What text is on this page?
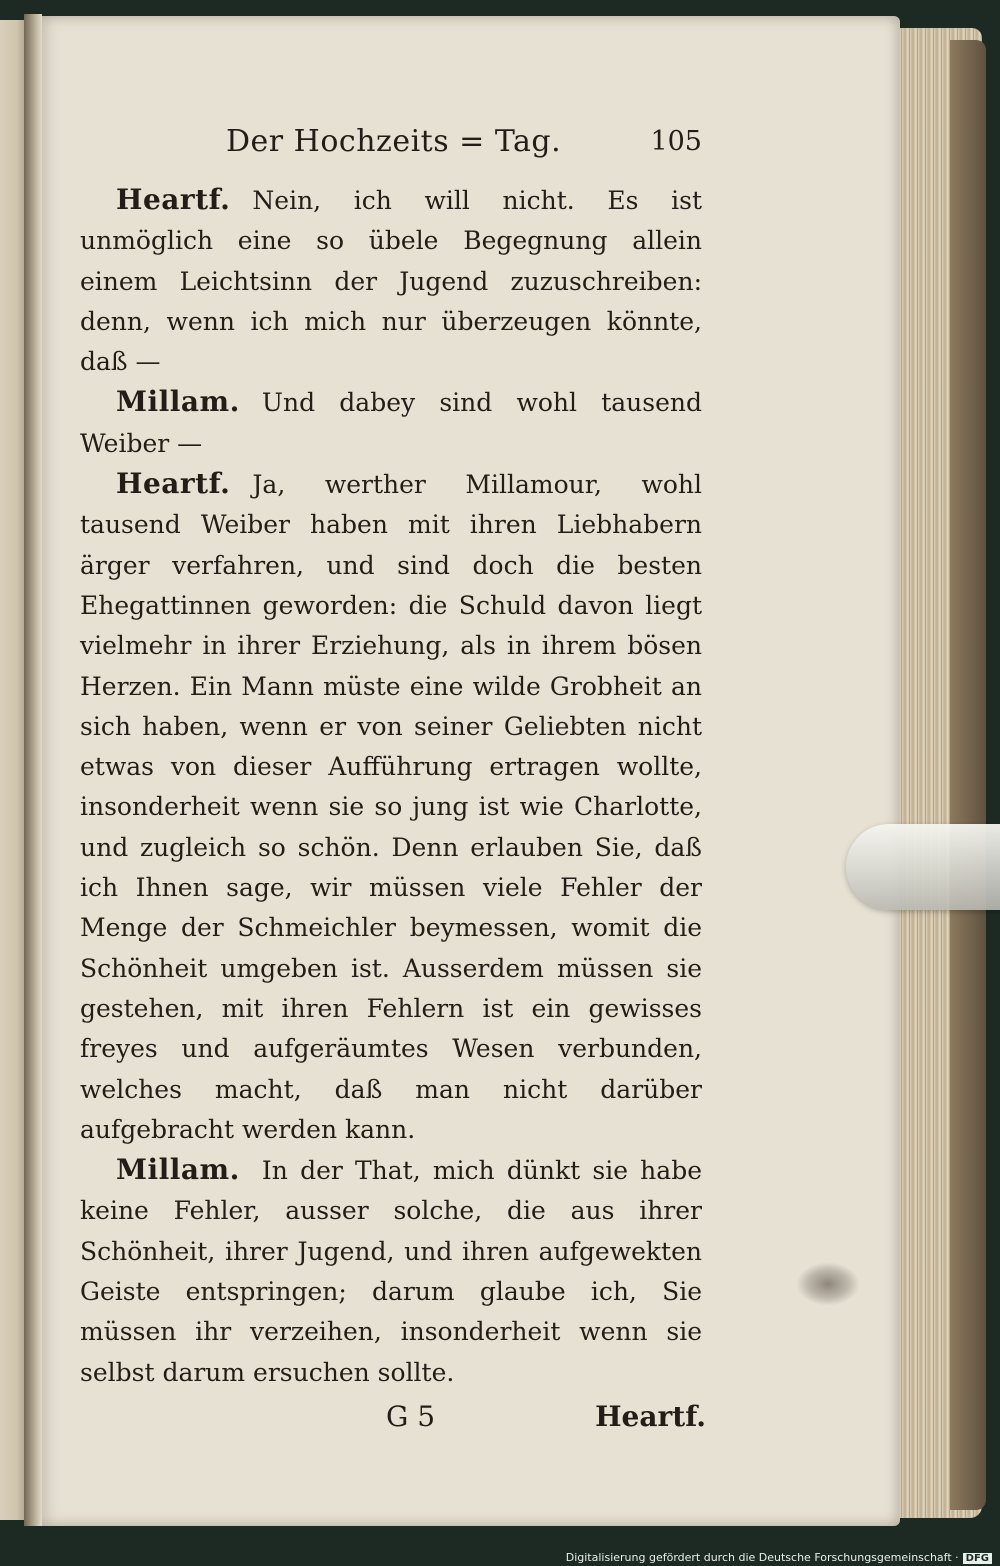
Der Hochzeits = Tag.	105

Heartf. Nein, ich will nicht. Es ist unmöglich eine so übele Begegnung allein einem Leichtsinn der Jugend zuzuschreiben: denn, wenn ich mich nur überzeugen könnte, daß —

Millam. Und dabey sind wohl tausend Weiber —

Heartf. Ja, werther Millamour, wohl tausend Weiber haben mit ihren Liebhabern ärger verfahren, und sind doch die besten Ehegattinnen geworden: die Schuld davon liegt vielmehr in ihrer Erziehung, als in ihrem bösen Herzen. Ein Mann müste eine wilde Grobheit an sich haben, wenn er von seiner Geliebten nicht etwas von dieser Aufführung ertragen wollte, insonderheit wenn sie so jung ist wie Charlotte, und zugleich so schön. Denn erlauben Sie, daß ich Ihnen sage, wir müssen viele Fehler der Menge der Schmeichler beymessen, womit die Schönheit umgeben ist. Ausserdem müssen sie gestehen, mit ihren Fehlern ist ein gewisses freyes und aufgeräumtes Wesen verbunden, welches macht, daß man nicht darüber aufgebracht werden kann.

Millam. In der That, mich dünkt sie habe keine Fehler, ausser solche, die aus ihrer Schönheit, ihrer Jugend, und ihren aufgewekten Geiste entspringen; darum glaube ich, Sie müssen ihr verzeihen, insonderheit wenn sie selbst darum ersuchen sollte.

G 5	Heartf.
Digitalisierung gefördert durch die Deutsche Forschungsgemeinschaft · DFG
